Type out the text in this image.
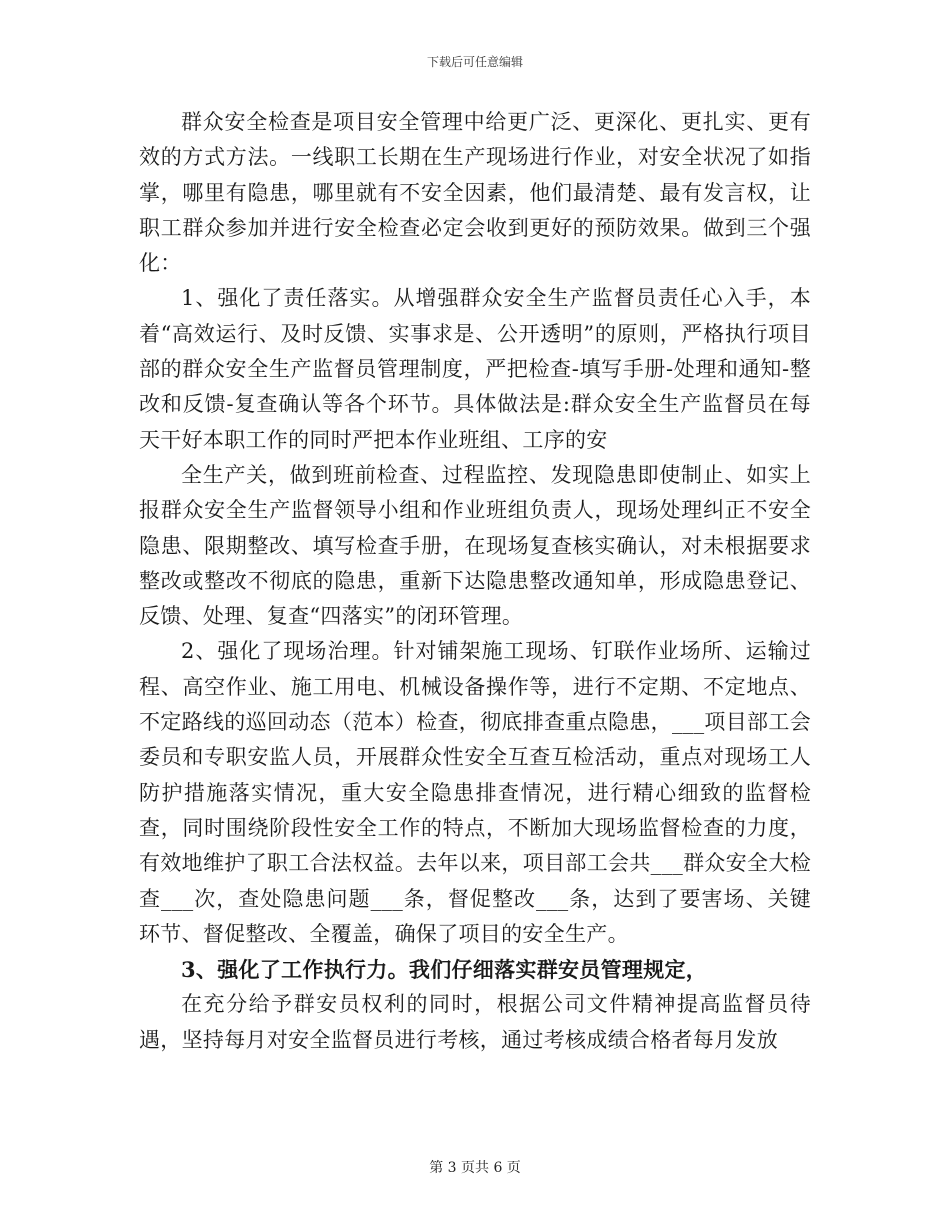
下载后可任意编辑

群众安全检查是项目安全管理中给更广泛、更深化、更扎实、更有效的方式方法。一线职工长期在生产现场进行作业，对安全状况了如指掌，哪里有隐患，哪里就有不安全因素，他们最清楚、最有发言权，让职工群众参加并进行安全检查必定会收到更好的预防效果。做到三个强化：

1、强化了责任落实。从增强群众安全生产监督员责任心入手，本着“高效运行、及时反馈、实事求是、公开透明”的原则，严格执行项目部的群众安全生产监督员管理制度，严把检查-填写手册-处理和通知-整改和反馈-复查确认等各个环节。具体做法是:群众安全生产监督员在每天干好本职工作的同时严把本作业班组、工序的安

全生产关，做到班前检查、过程监控、发现隐患即使制止、如实上报群众安全生产监督领导小组和作业班组负责人，现场处理纠正不安全隐患、限期整改、填写检查手册，在现场复查核实确认，对未根据要求整改或整改不彻底的隐患，重新下达隐患整改通知单，形成隐患登记、反馈、处理、复查“四落实”的闭环管理。

2、强化了现场治理。针对铺架施工现场、钉联作业场所、运输过程、高空作业、施工用电、机械设备操作等，进行不定期、不定地点、不定路线的巡回动态（范本）检查，彻底排查重点隐患，___项目部工会委员和专职安监人员，开展群众性安全互查互检活动，重点对现场工人防护措施落实情况，重大安全隐患排查情况，进行精心细致的监督检查，同时围绕阶段性安全工作的特点，不断加大现场监督检查的力度，有效地维护了职工合法权益。去年以来，项目部工会共___群众安全大检查___次，查处隐患问题___条，督促整改___条，达到了要害场、关键环节、督促整改、全覆盖，确保了项目的安全生产。

3、强化了工作执行力。我们仔细落实群安员管理规定，

在充分给予群安员权利的同时，根据公司文件精神提高监督员待遇，坚持每月对安全监督员进行考核，通过考核成绩合格者每月发放

第 3 页共 6 页
